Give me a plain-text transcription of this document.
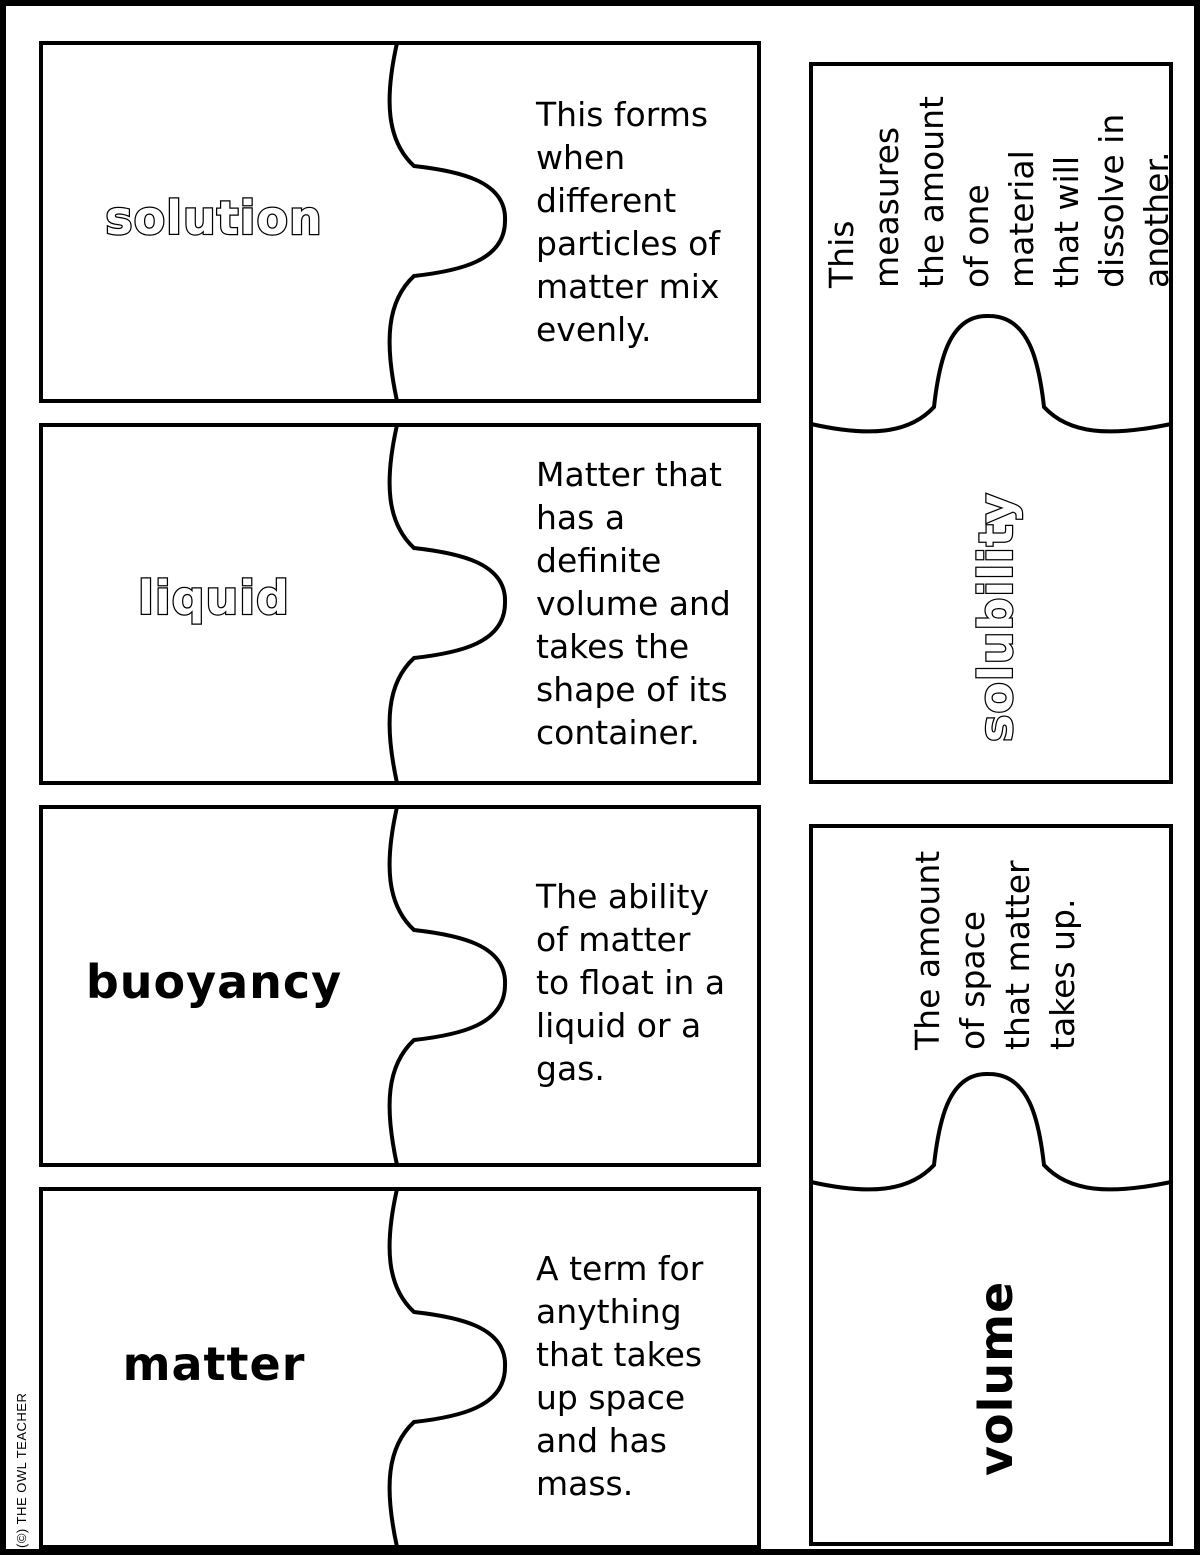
solution
This forms
when
different
particles of
matter mix
evenly.
liquid
Matter that
has a
definite
volume and
takes the
shape of its
container.
buoyancy
The ability
of matter
to float in a
liquid or a
gas.
matter
A term for
anything
that takes
up space
and has
mass.
This
measures
the amount
of one
material
that will
dissolve in
another.
solubility
The amount
of space
that matter
takes up.
volume
(©) THE OWL TEACHER
